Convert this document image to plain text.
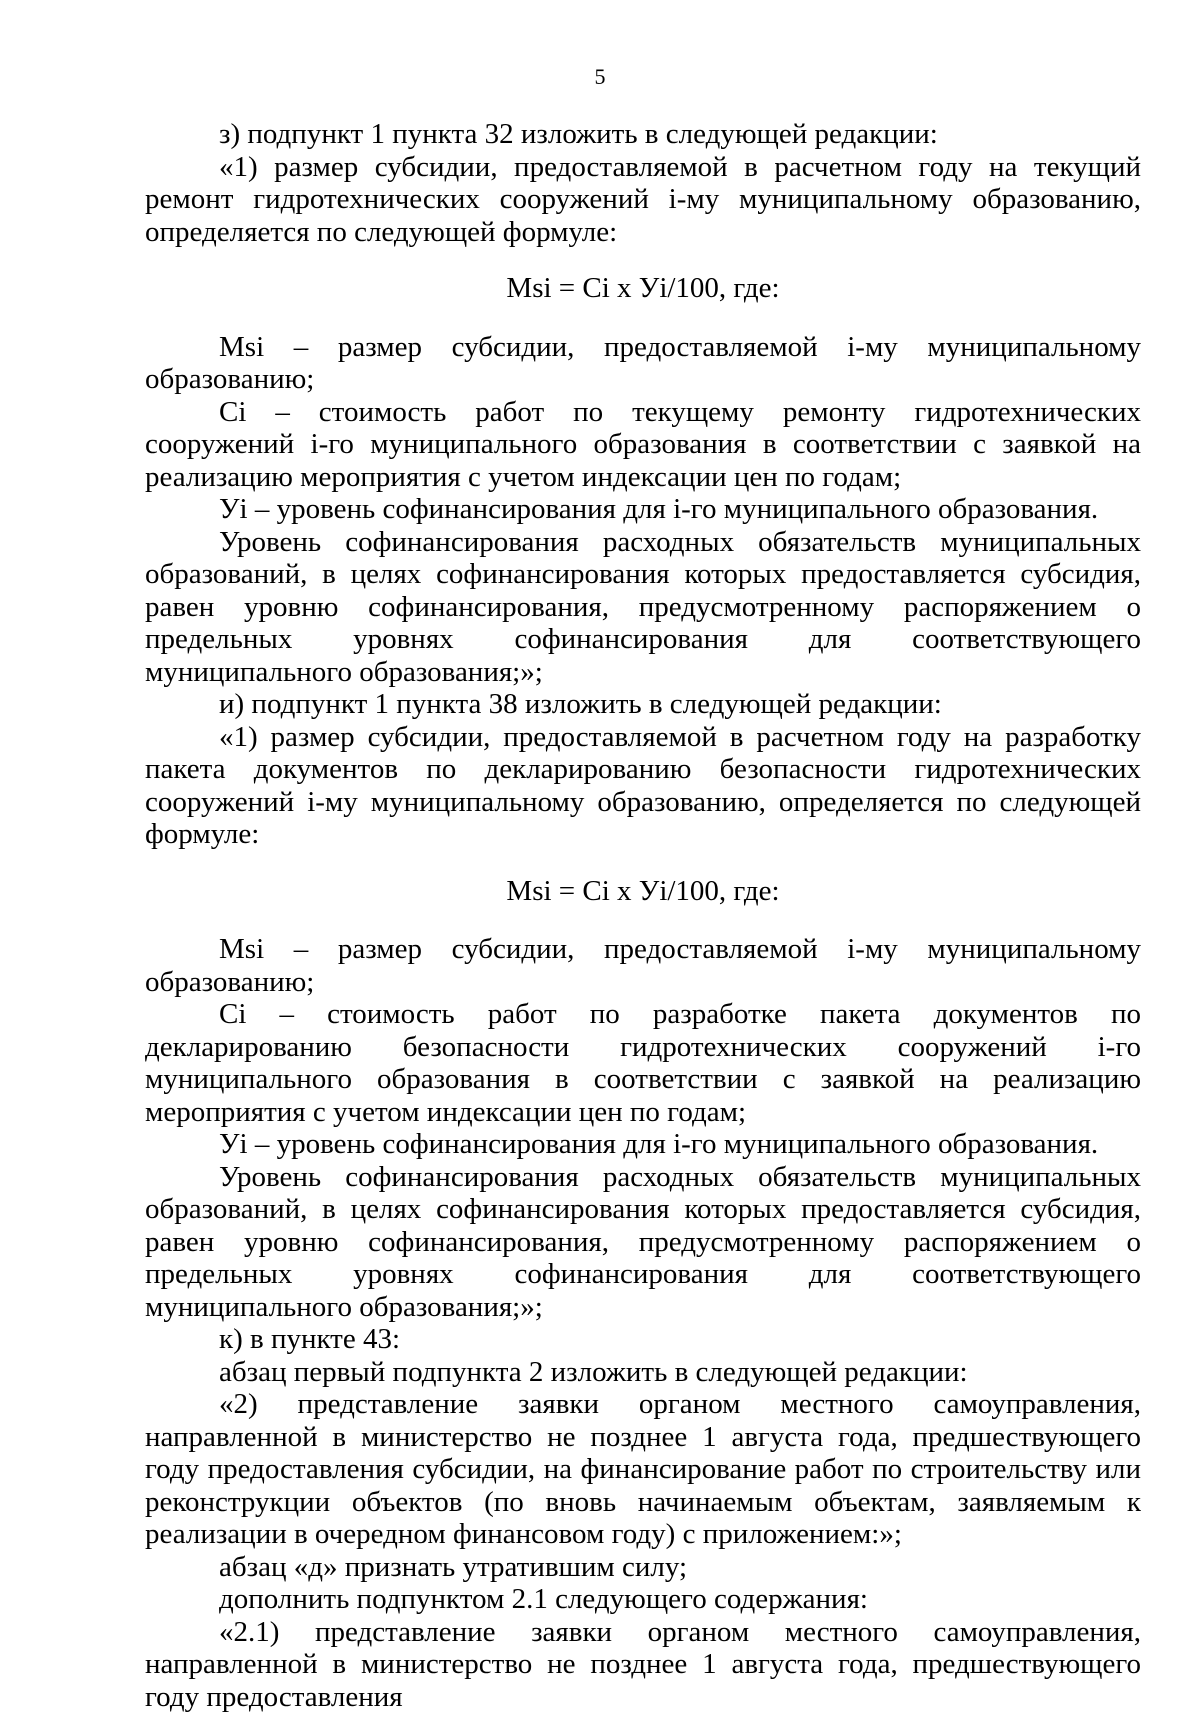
5

з) подпункт 1 пункта 32 изложить в следующей редакции:

«1) размер субсидии, предоставляемой в расчетном году на текущий ремонт гидротехнических сооружений i-му муниципальному образованию, определяется по следующей формуле:

Msi = Ci x Уi/100, где:

Msi – размер субсидии, предоставляемой i-му муниципальному образованию;

Ci – стоимость работ по текущему ремонту гидротехнических сооружений i-го муниципального образования в соответствии с заявкой на реализацию мероприятия с учетом индексации цен по годам;

Уi – уровень софинансирования для i-го муниципального образования.

Уровень софинансирования расходных обязательств муниципальных образований, в целях софинансирования которых предоставляется субсидия, равен уровню софинансирования, предусмотренному распоряжением о предельных уровнях софинансирования для соответствующего муниципального образования;»;

и) подпункт 1 пункта 38 изложить в следующей редакции:

«1) размер субсидии, предоставляемой в расчетном году на разработку пакета документов по декларированию безопасности гидротехнических сооружений i-му муниципальному образованию, определяется по следующей формуле:

Msi = Ci x Уi/100, где:

Msi – размер субсидии, предоставляемой i-му муниципальному образованию;

Ci – стоимость работ по разработке пакета документов по декларированию безопасности гидротехнических сооружений i-го муниципального образования в соответствии с заявкой на реализацию мероприятия с учетом индексации цен по годам;

Уi – уровень софинансирования для i-го муниципального образования.

Уровень софинансирования расходных обязательств муниципальных образований, в целях софинансирования которых предоставляется субсидия, равен уровню софинансирования, предусмотренному распоряжением о предельных уровнях софинансирования для соответствующего муниципального образования;»;

к) в пункте 43:

абзац первый подпункта 2 изложить в следующей редакции:

«2) представление заявки органом местного самоуправления, направленной в министерство не позднее 1 августа года, предшествующего году предоставления субсидии, на финансирование работ по строительству или реконструкции объектов (по вновь начинаемым объектам, заявляемым к реализации в очередном финансовом году) с приложением:»;

абзац «д» признать утратившим силу;

дополнить подпунктом 2.1 следующего содержания:

«2.1) представление заявки органом местного самоуправления, направленной в министерство не позднее 1 августа года, предшествующего году предоставления
